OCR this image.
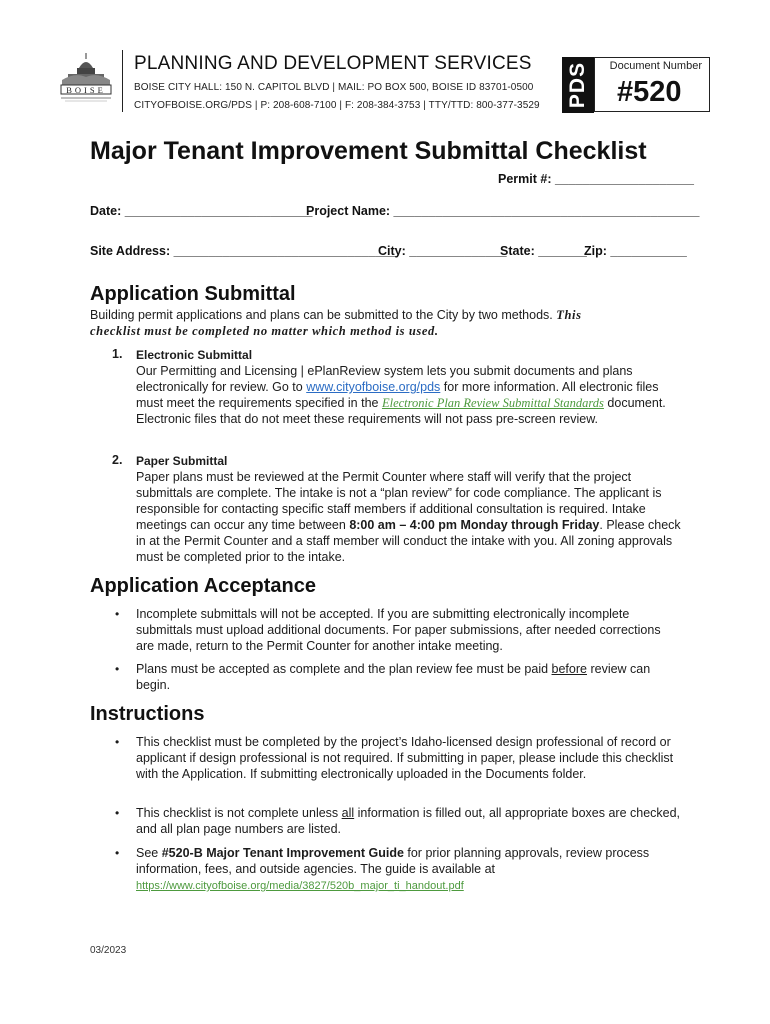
BOISE
PLANNING AND DEVELOPMENT SERVICES
BOISE CITY HALL: 150 N. CAPITOL BLVD | MAIL: PO BOX 500, BOISE ID 83701-0500
CITYOFBOISE.ORG/PDS | P: 208-608-7100 | F: 208-384-3753 | TTY/TTD: 800-377-3529 PDS Document Number
#520
Major Tenant Improvement Submittal Checklist
Permit #: ____________________
Date: ___________________________
Project Name: ____________________________________________
Site Address: ________________________________
City: ______________
State: _______
Zip: ___________
Application Submittal
Building permit applications and plans can be submitted to the City by two methods. This
checklist must be completed no matter which method is used.
1. Electronic Submittal
Our Permitting and Licensing | ePlanReview system lets you submit documents and plans electronically for review. Go to www.cityofboise.org/pds for more information. All electronic files must meet the requirements specified in the Electronic Plan Review Submittal Standards document. Electronic files that do not meet these requirements will not pass pre-screen review.
2. Paper Submittal
Paper plans must be reviewed at the Permit Counter where staff will verify that the project submittals are complete. The intake is not a “plan review” for code compliance. The applicant is responsible for contacting specific staff members if additional consultation is required. Intake meetings can occur any time between 8:00 am – 4:00 pm Monday through Friday. Please check in at the Permit Counter and a staff member will conduct the intake with you. All zoning approvals must be completed prior to the intake.
Application Acceptance
• Incomplete submittals will not be accepted. If you are submitting electronically incomplete submittals must upload additional documents. For paper submissions, after needed corrections are made, return to the Permit Counter for another intake meeting.
• Plans must be accepted as complete and the plan review fee must be paid before review can begin.
Instructions
• This checklist must be completed by the project’s Idaho-licensed design professional of record or applicant if design professional is not required. If submitting in paper, please include this checklist with the Application. If submitting electronically uploaded in the Documents folder.
• This checklist is not complete unless all information is filled out, all appropriate boxes are checked, and all plan page numbers are listed.
• See #520-B Major Tenant Improvement Guide for prior planning approvals, review process information, fees, and outside agencies. The guide is available at https://www.cityofboise.org/media/3827/520b_major_ti_handout.pdf
03/2023
